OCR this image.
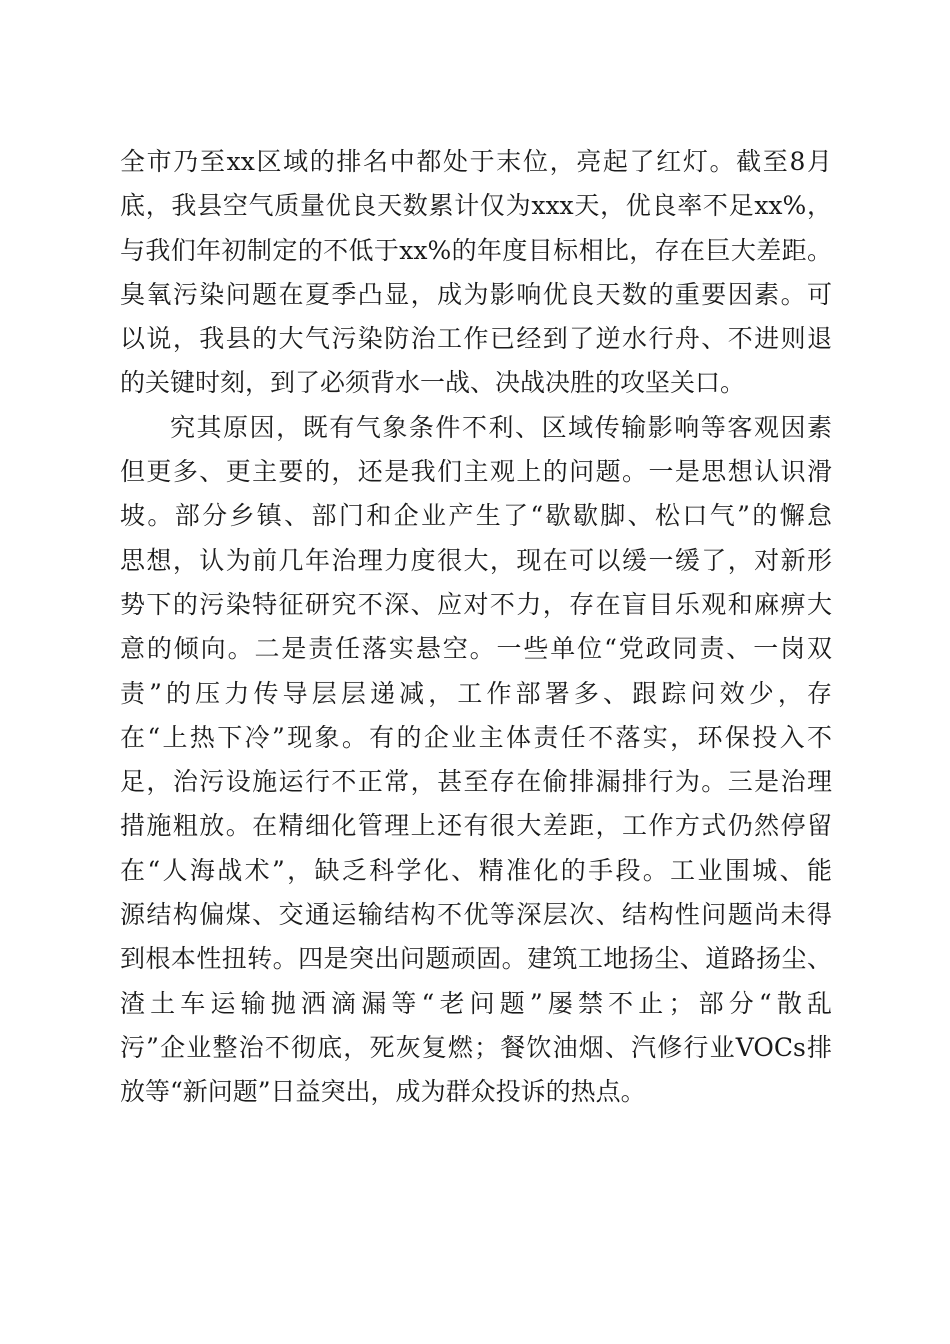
全市乃至xx区域的排名中都处于末位，亮起了红灯。截至8月
底，我县空气质量优良天数累计仅为xxx天，优良率不足xx%，
与我们年初制定的不低于xx%的年度目标相比，存在巨大差距。
臭氧污染问题在夏季凸显，成为影响优良天数的重要因素。可
以说，我县的大气污染防治工作已经到了逆水行舟、不进则退
的关键时刻，到了必须背水一战、决战决胜的攻坚关口。
究其原因，既有气象条件不利、区域传输影响等客观因素
但更多、更主要的，还是我们主观上的问题。一是思想认识滑
坡。部分乡镇、部门和企业产生了“歇歇脚、松口气”的懈怠
思想，认为前几年治理力度很大，现在可以缓一缓了，对新形
势下的污染特征研究不深、应对不力，存在盲目乐观和麻痹大
意的倾向。二是责任落实悬空。一些单位“党政同责、一岗双
责”的压力传导层层递减，工作部署多、跟踪问效少，存
在“上热下冷”现象。有的企业主体责任不落实，环保投入不
足，治污设施运行不正常，甚至存在偷排漏排行为。三是治理
措施粗放。在精细化管理上还有很大差距，工作方式仍然停留
在“人海战术”，缺乏科学化、精准化的手段。工业围城、能
源结构偏煤、交通运输结构不优等深层次、结构性问题尚未得
到根本性扭转。四是突出问题顽固。建筑工地扬尘、道路扬尘、
渣土车运输抛洒滴漏等“老问题”屡禁不止；部分“散乱
污”企业整治不彻底，死灰复燃；餐饮油烟、汽修行业VOCs排
放等“新问题”日益突出，成为群众投诉的热点。
